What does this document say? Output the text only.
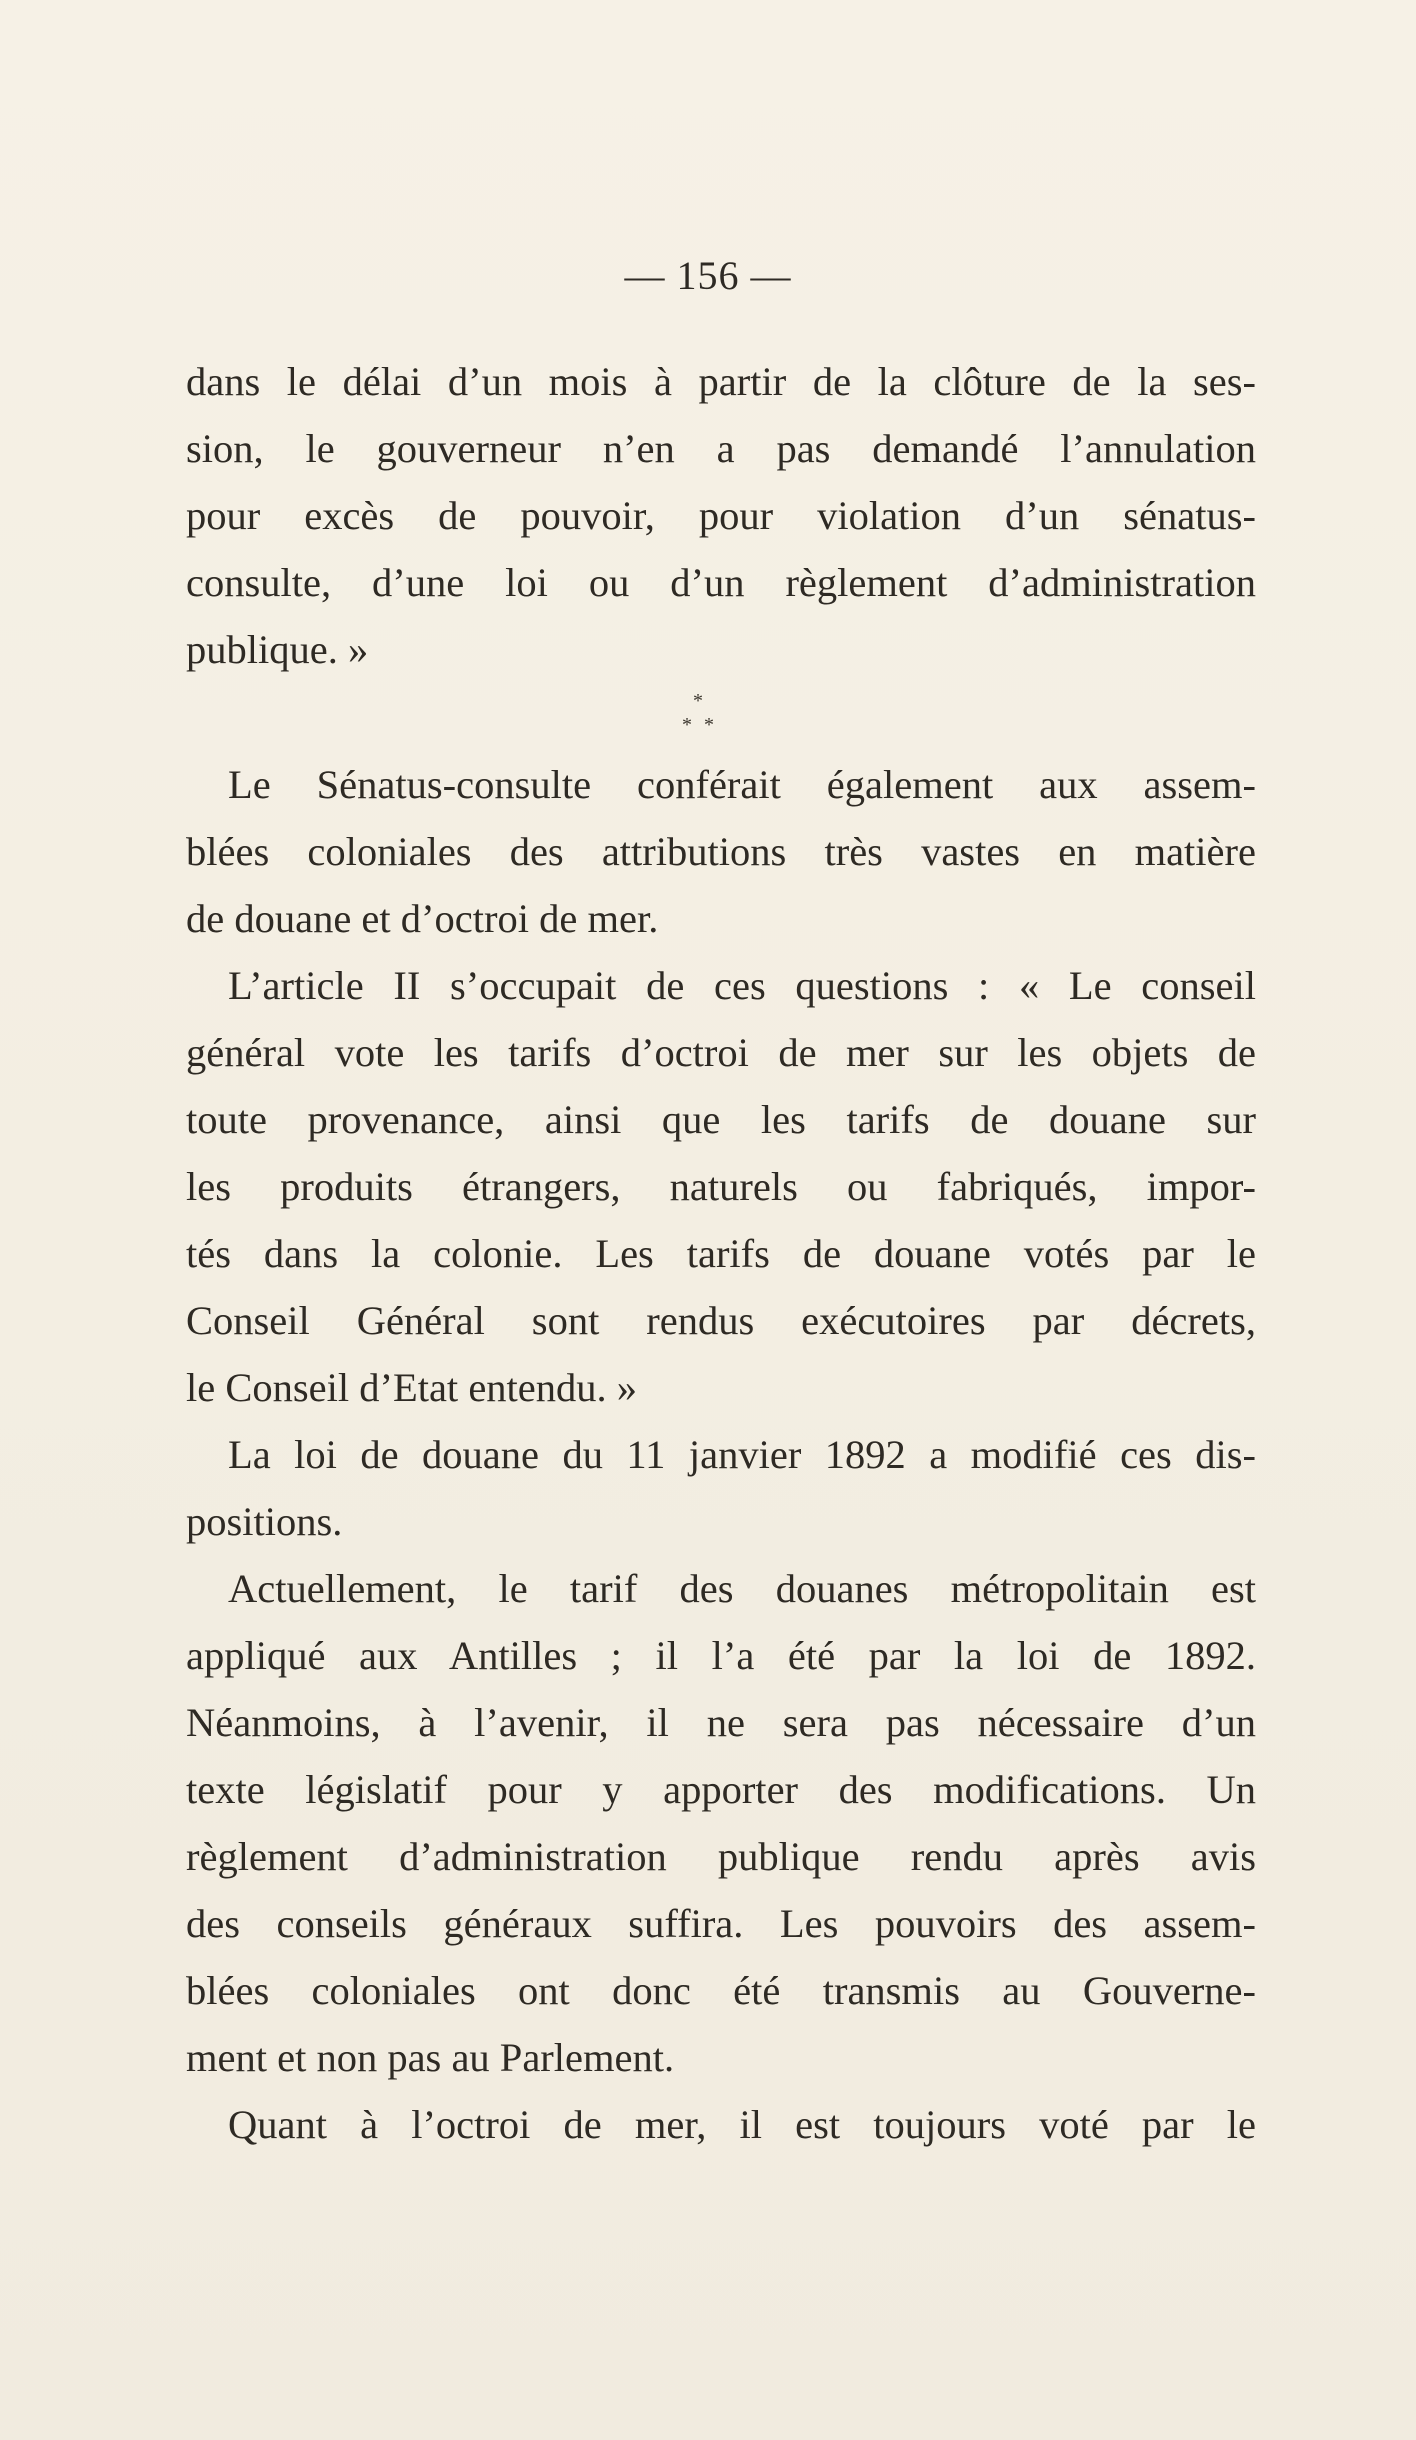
— 156 —
dans le délai d’un mois à partir de la clôture de la ses-
sion, le gouverneur n’en a pas demandé l’annulation
pour excès de pouvoir, pour violation d’un sénatus-
consulte, d’une loi ou d’un règlement d’administration
publique. »
*
* *
Le Sénatus-consulte conférait également aux assem-
blées coloniales des attributions très vastes en matière
de douane et d’octroi de mer.
L’article II s’occupait de ces questions : « Le conseil
général vote les tarifs d’octroi de mer sur les objets de
toute provenance, ainsi que les tarifs de douane sur
les produits étrangers, naturels ou fabriqués, impor-
tés dans la colonie. Les tarifs de douane votés par le
Conseil Général sont rendus exécutoires par décrets,
le Conseil d’Etat entendu. »
La loi de douane du 11 janvier 1892 a modifié ces dis-
positions.
Actuellement, le tarif des douanes métropolitain est
appliqué aux Antilles ; il l’a été par la loi de 1892.
Néanmoins, à l’avenir, il ne sera pas nécessaire d’un
texte législatif pour y apporter des modifications. Un
règlement d’administration publique rendu après avis
des conseils généraux suffira. Les pouvoirs des assem-
blées coloniales ont donc été transmis au Gouverne-
ment et non pas au Parlement.
Quant à l’octroi de mer, il est toujours voté par le
